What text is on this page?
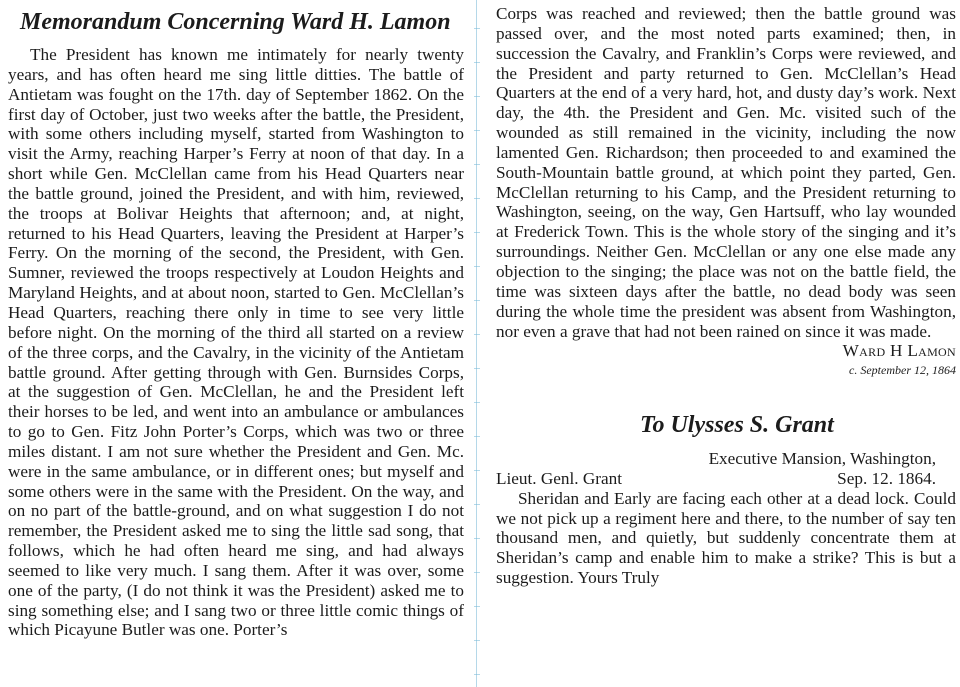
Memorandum Concerning Ward H. Lamon

The President has known me intimately for nearly twenty years, and has often heard me sing little ditties. The battle of Antietam was fought on the 17th. day of September 1862. On the first day of October, just two weeks after the battle, the President, with some others including myself, started from Washington to visit the Army, reaching Harper’s Ferry at noon of that day. In a short while Gen. McClellan came from his Head Quarters near the battle ground, joined the President, and with him, reviewed, the troops at Bolivar Heights that afternoon; and, at night, returned to his Head Quarters, leaving the President at Harper’s Ferry. On the morning of the second, the President, with Gen. Sumner, reviewed the troops respectively at Loudon Heights and Maryland Heights, and at about noon, started to Gen. McClellan’s Head Quarters, reaching there only in time to see very little before night. On the morning of the third all started on a review of the three corps, and the Cavalry, in the vicinity of the Antietam battle ground. After getting through with Gen. Burnsides Corps, at the suggestion of Gen. McClellan, he and the President left their horses to be led, and went into an ambulance or ambulances to go to Gen. Fitz John Porter’s Corps, which was two or three miles distant. I am not sure whether the President and Gen. Mc. were in the same ambulance, or in different ones; but myself and some others were in the same with the President. On the way, and on no part of the battle-ground, and on what suggestion I do not remember, the President asked me to sing the little sad song, that follows, which he had often heard me sing, and had always seemed to like very much. I sang them. After it was over, some one of the party, (I do not think it was the President) asked me to sing something else; and I sang two or three little comic things of which Picayune Butler was one. Porter’s

Corps was reached and reviewed; then the battle ground was passed over, and the most noted parts examined; then, in succession the Cavalry, and Franklin’s Corps were reviewed, and the President and party returned to Gen. McClellan’s Head Quarters at the end of a very hard, hot, and dusty day’s work. Next day, the 4th. the President and Gen. Mc. visited such of the wounded as still remained in the vicinity, including the now lamented Gen. Richardson; then proceeded to and examined the South-Mountain battle ground, at which point they parted, Gen. McClellan returning to his Camp, and the President returning to Washington, seeing, on the way, Gen Hartsuff, who lay wounded at Frederick Town. This is the whole story of the singing and it’s surroundings. Neither Gen. McClellan or any one else made any objection to the singing; the place was not on the battle field, the time was sixteen days after the battle, no dead body was seen during the whole time the president was absent from Washington, nor even a grave that had not been rained on since it was made.

Ward H Lamon

c. September 12, 1864

To Ulysses S. Grant
Executive Mansion, Washington,
Lieut. Genl. Grant	Sep. 12. 1864.

Sheridan and Early are facing each other at a dead lock. Could we not pick up a regiment here and there, to the number of say ten thousand men, and quietly, but suddenly concentrate them at Sheridan’s camp and enable him to make a strike? This is but a suggestion. Yours Truly
